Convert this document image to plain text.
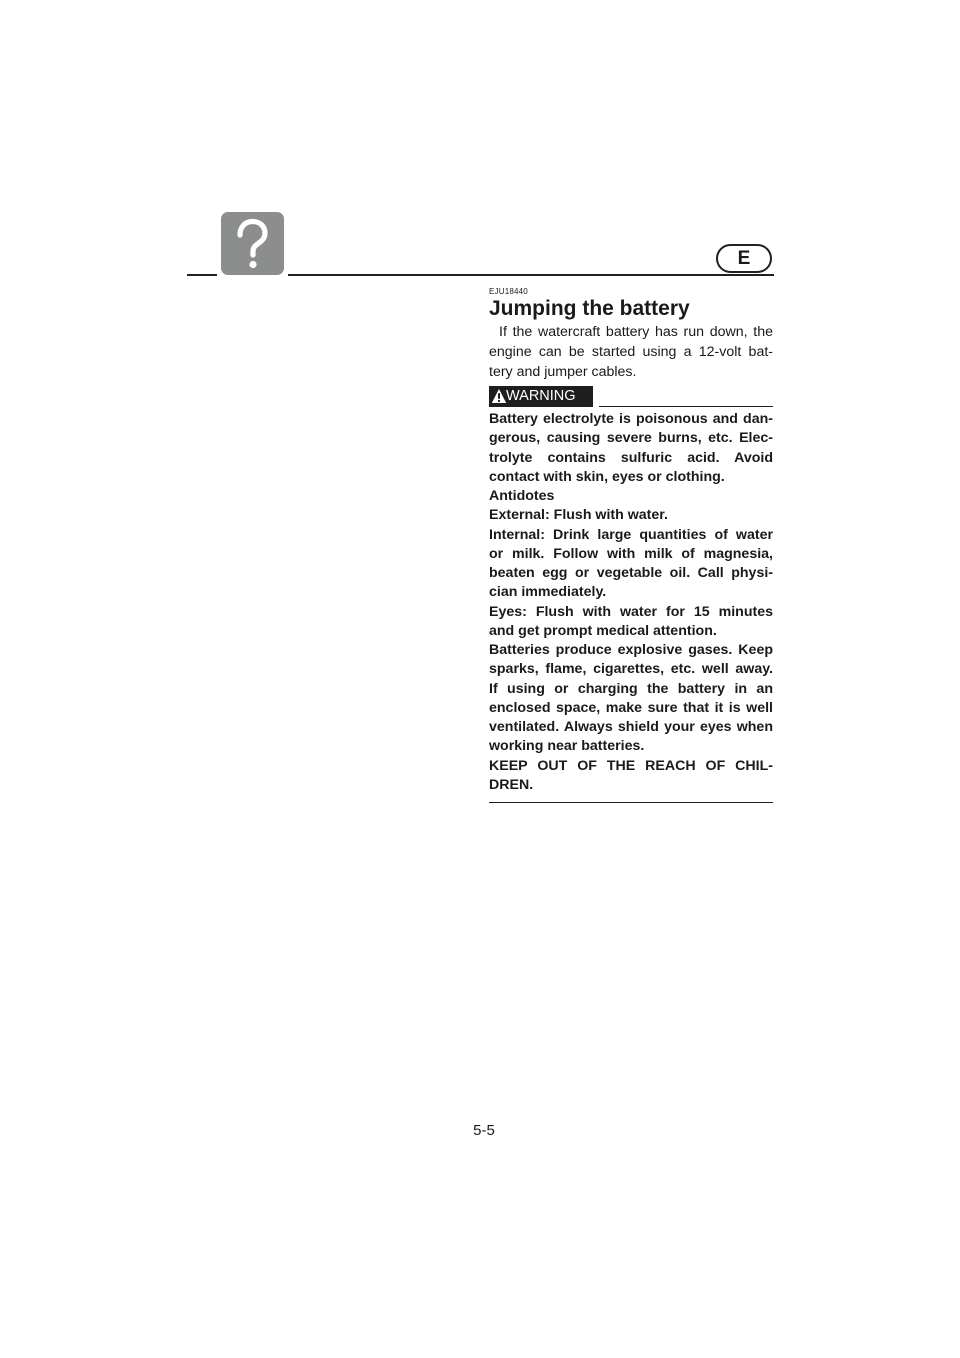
E
EJU18440
Jumping the battery

If the watercraft battery has run down, the
engine can be started using a 12-volt bat-
tery and jumper cables.

WARNING
Battery electrolyte is poisonous and dan-
gerous, causing severe burns, etc. Elec-
trolyte contains sulfuric acid. Avoid
contact with skin, eyes or clothing.
Antidotes
External: Flush with water.
Internal: Drink large quantities of water
or milk. Follow with milk of magnesia,
beaten egg or vegetable oil. Call physi-
cian immediately.
Eyes: Flush with water for 15 minutes
and get prompt medical attention.
Batteries produce explosive gases. Keep
sparks, flame, cigarettes, etc. well away.
If using or charging the battery in an
enclosed space, make sure that it is well
ventilated. Always shield your eyes when
working near batteries.
KEEP OUT OF THE REACH OF CHIL-
DREN.
5-5
